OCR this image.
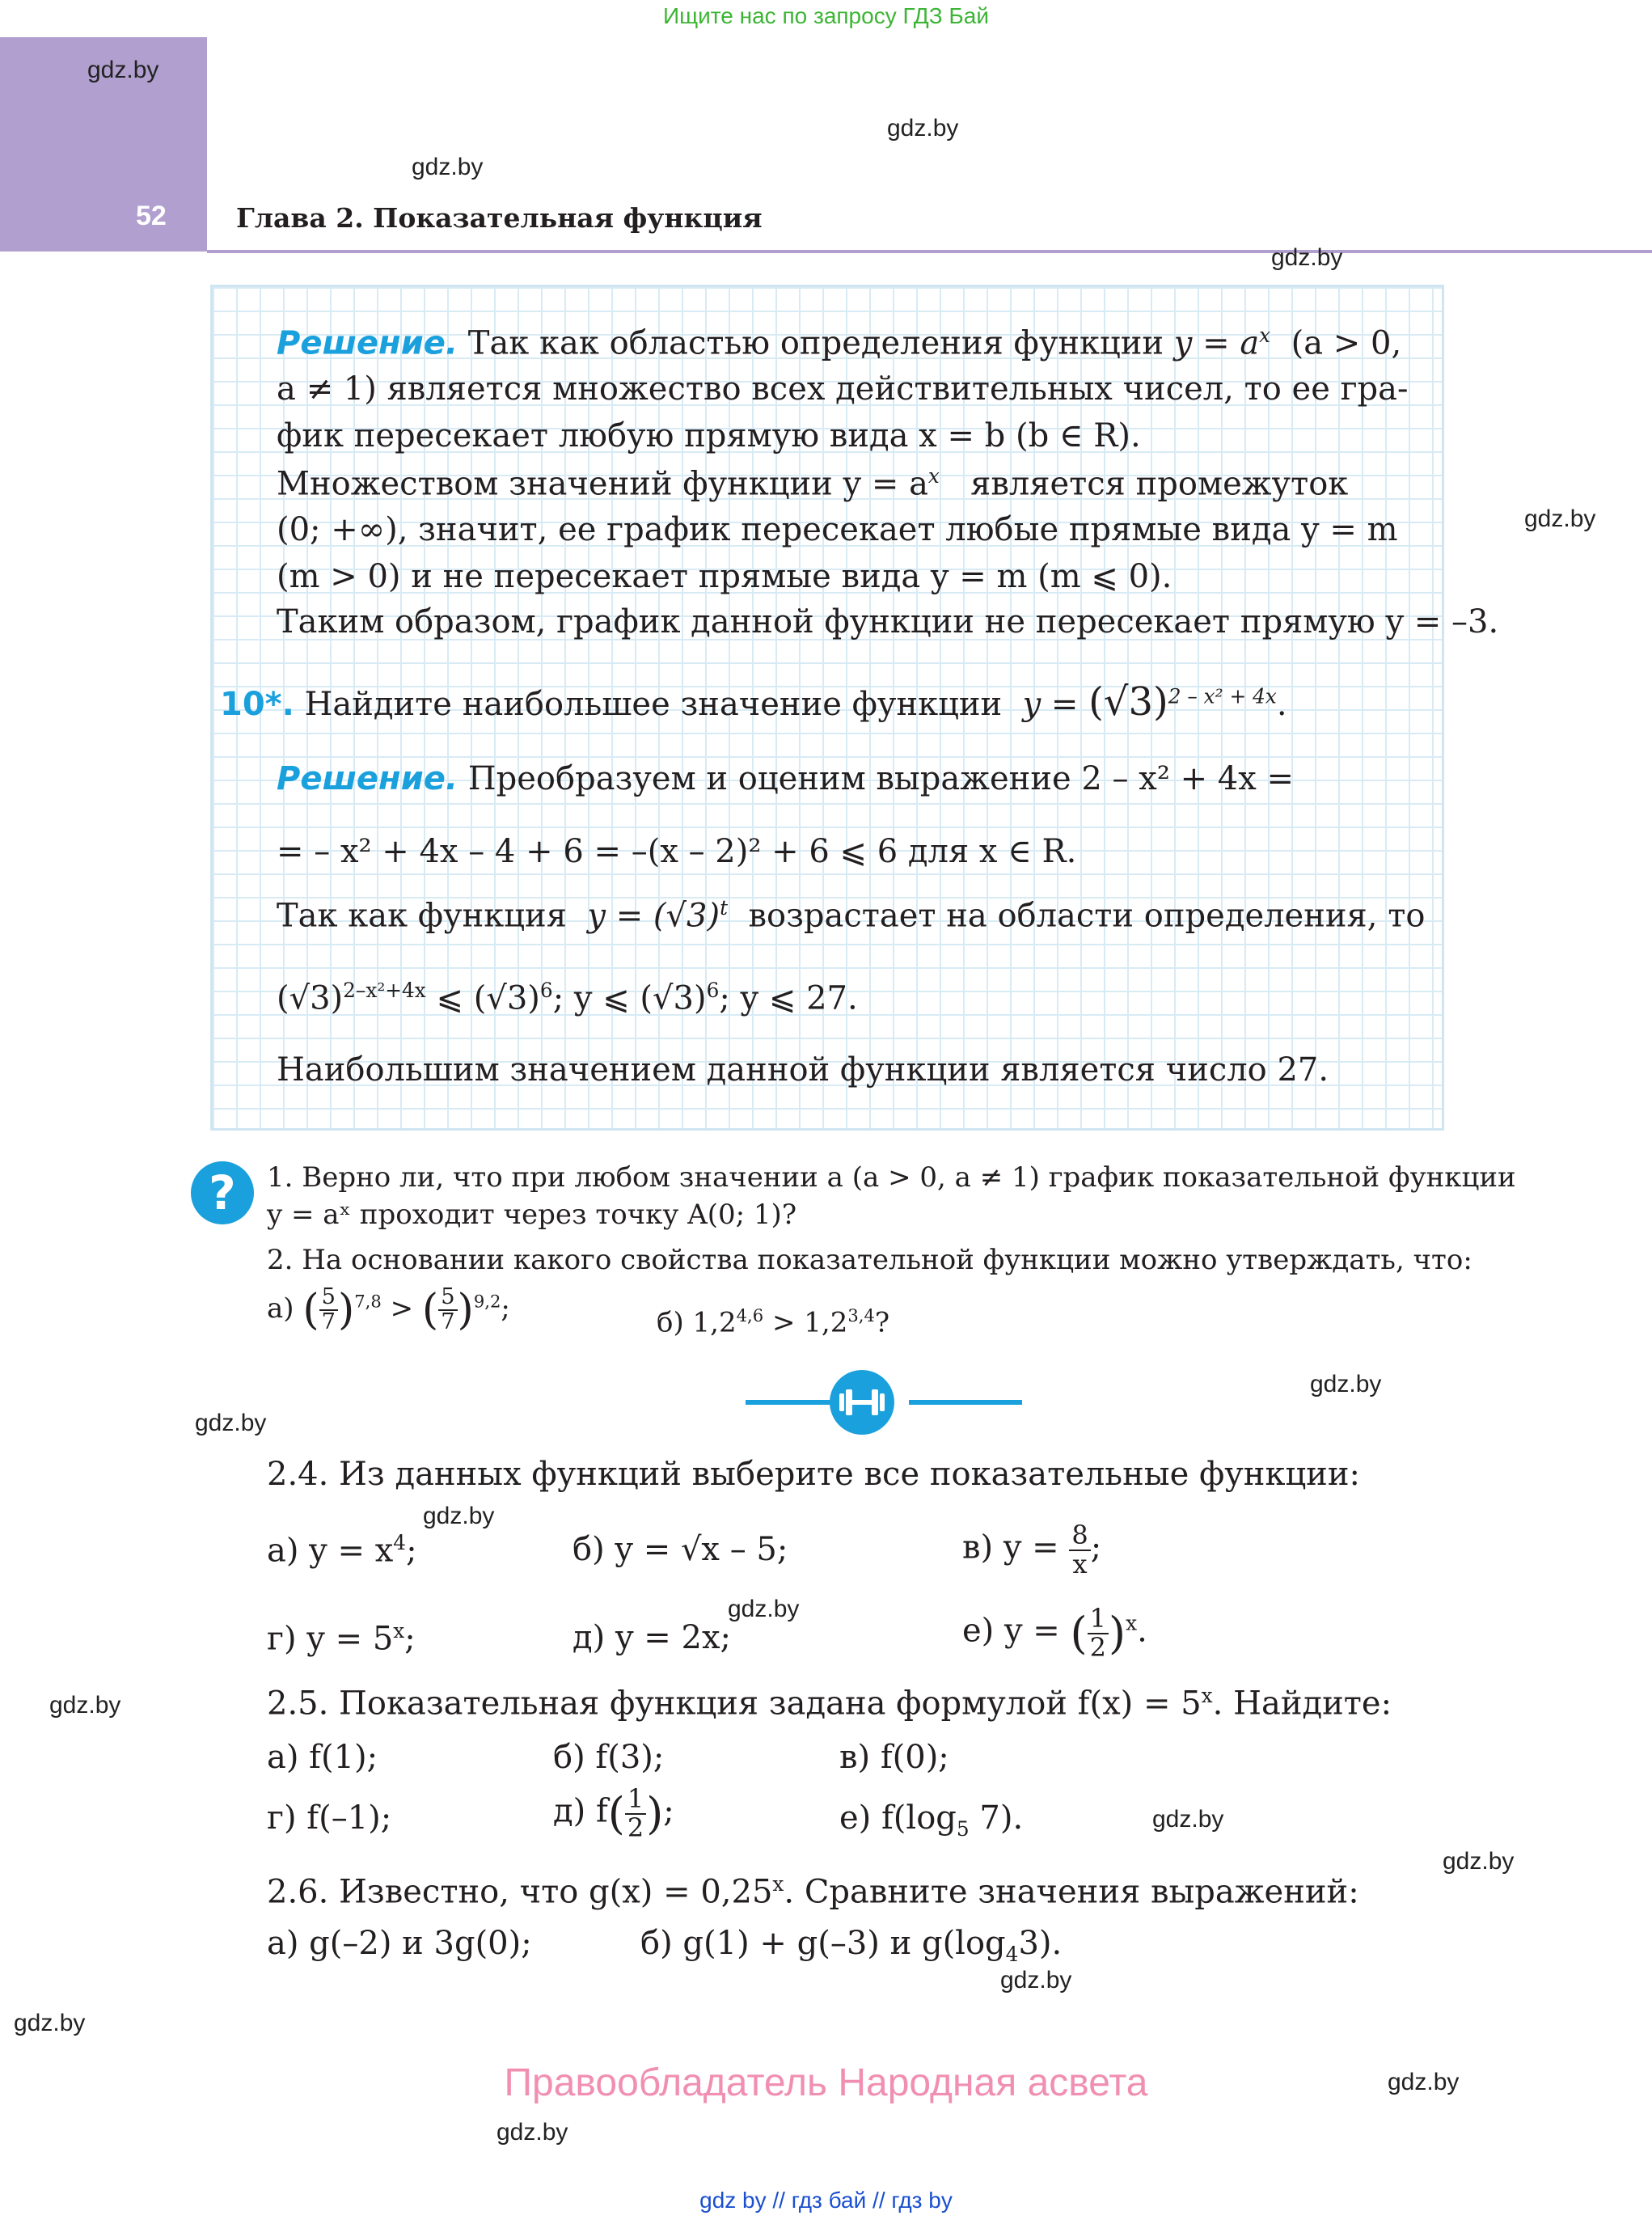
Ищите нас по запросу ГДЗ Бай
52	Глава 2. Показательная функция
gdz.by
gdz.by
gdz.by
gdz.by
gdz.by
gdz.by
gdz.by
gdz.by
gdz.by
gdz.by
gdz.by
gdz.by
gdz.by
gdz.by
gdz.by
gdz.by
Решение. Так как областью определения функции $y = a^x$ (a > 0,
a ≠ 1) является множество всех действительных чисел, то ее гра-
фик пересекает любую прямую вида x = b (b ∈ R).
Множеством значений функции $y = a^x$ является промежуток
(0; +∞), значит, ее график пересекает любые прямые вида y = m
(m > 0) и не пересекает прямые вида y = m (m ⩽ 0).
Таким образом, график данной функции не пересекает прямую y = –3.
10*. Найдите наибольшее значение функции $y = (√3)^{2 - x^2 + 4x}$.
Решение. Преобразуем и оценим выражение 2 – x² + 4x =
= – x² + 4x – 4 + 6 = –(x – 2)² + 6 ⩽ 6 для x ∈ R.
Так как функция $y = (√3)^t$ возрастает на области определения, то
$(√3)^{2-x^2+4x}$ ⩽ $(√3)^6$; y ⩽ $(√3)^6$; y ⩽ 27.
Наибольшим значением данной функции является число 27.
?	1. Верно ли, что при любом значении a (a > 0, a ≠ 1) график показательной функции
y = aˣ проходит через точку A(0; 1)?
2. На основании какого свойства показательной функции можно утверждать, что:
а) ( $\frac{5}{7} )^{7,8}$ > ( $\frac{5}{7} )^{9,2}$;	б) $1,2^{4,6} > 1,2^{3,4}$?
2.4. Из данных функций выберите все показательные функции:
а) $y = x^4$;	б) y = √x – 5;	в) $y = \frac{8}{x}$ ;
г) $y = 5^x$;	д) y = 2x;	е) y = ( $\frac{1}{2} )^x$.
2.5. Показательная функция задана формулой $f(x) = 5^x$. Найдите:
а) f(1);	б) f(3);	в) f(0);
г) f(–1);	д) $f( \frac{1}{2}$ );	е) $f(\log_5$ 7).
2.6. Известно, что $g(x) = 0,25^x$. Сравните значения выражений:
а) g(–2) и 3g(0);	б) g(1) + g(–3) и $g(\log_43)$.
Правообладатель Народная асвета
gdz by // гдз бай // гдз by
